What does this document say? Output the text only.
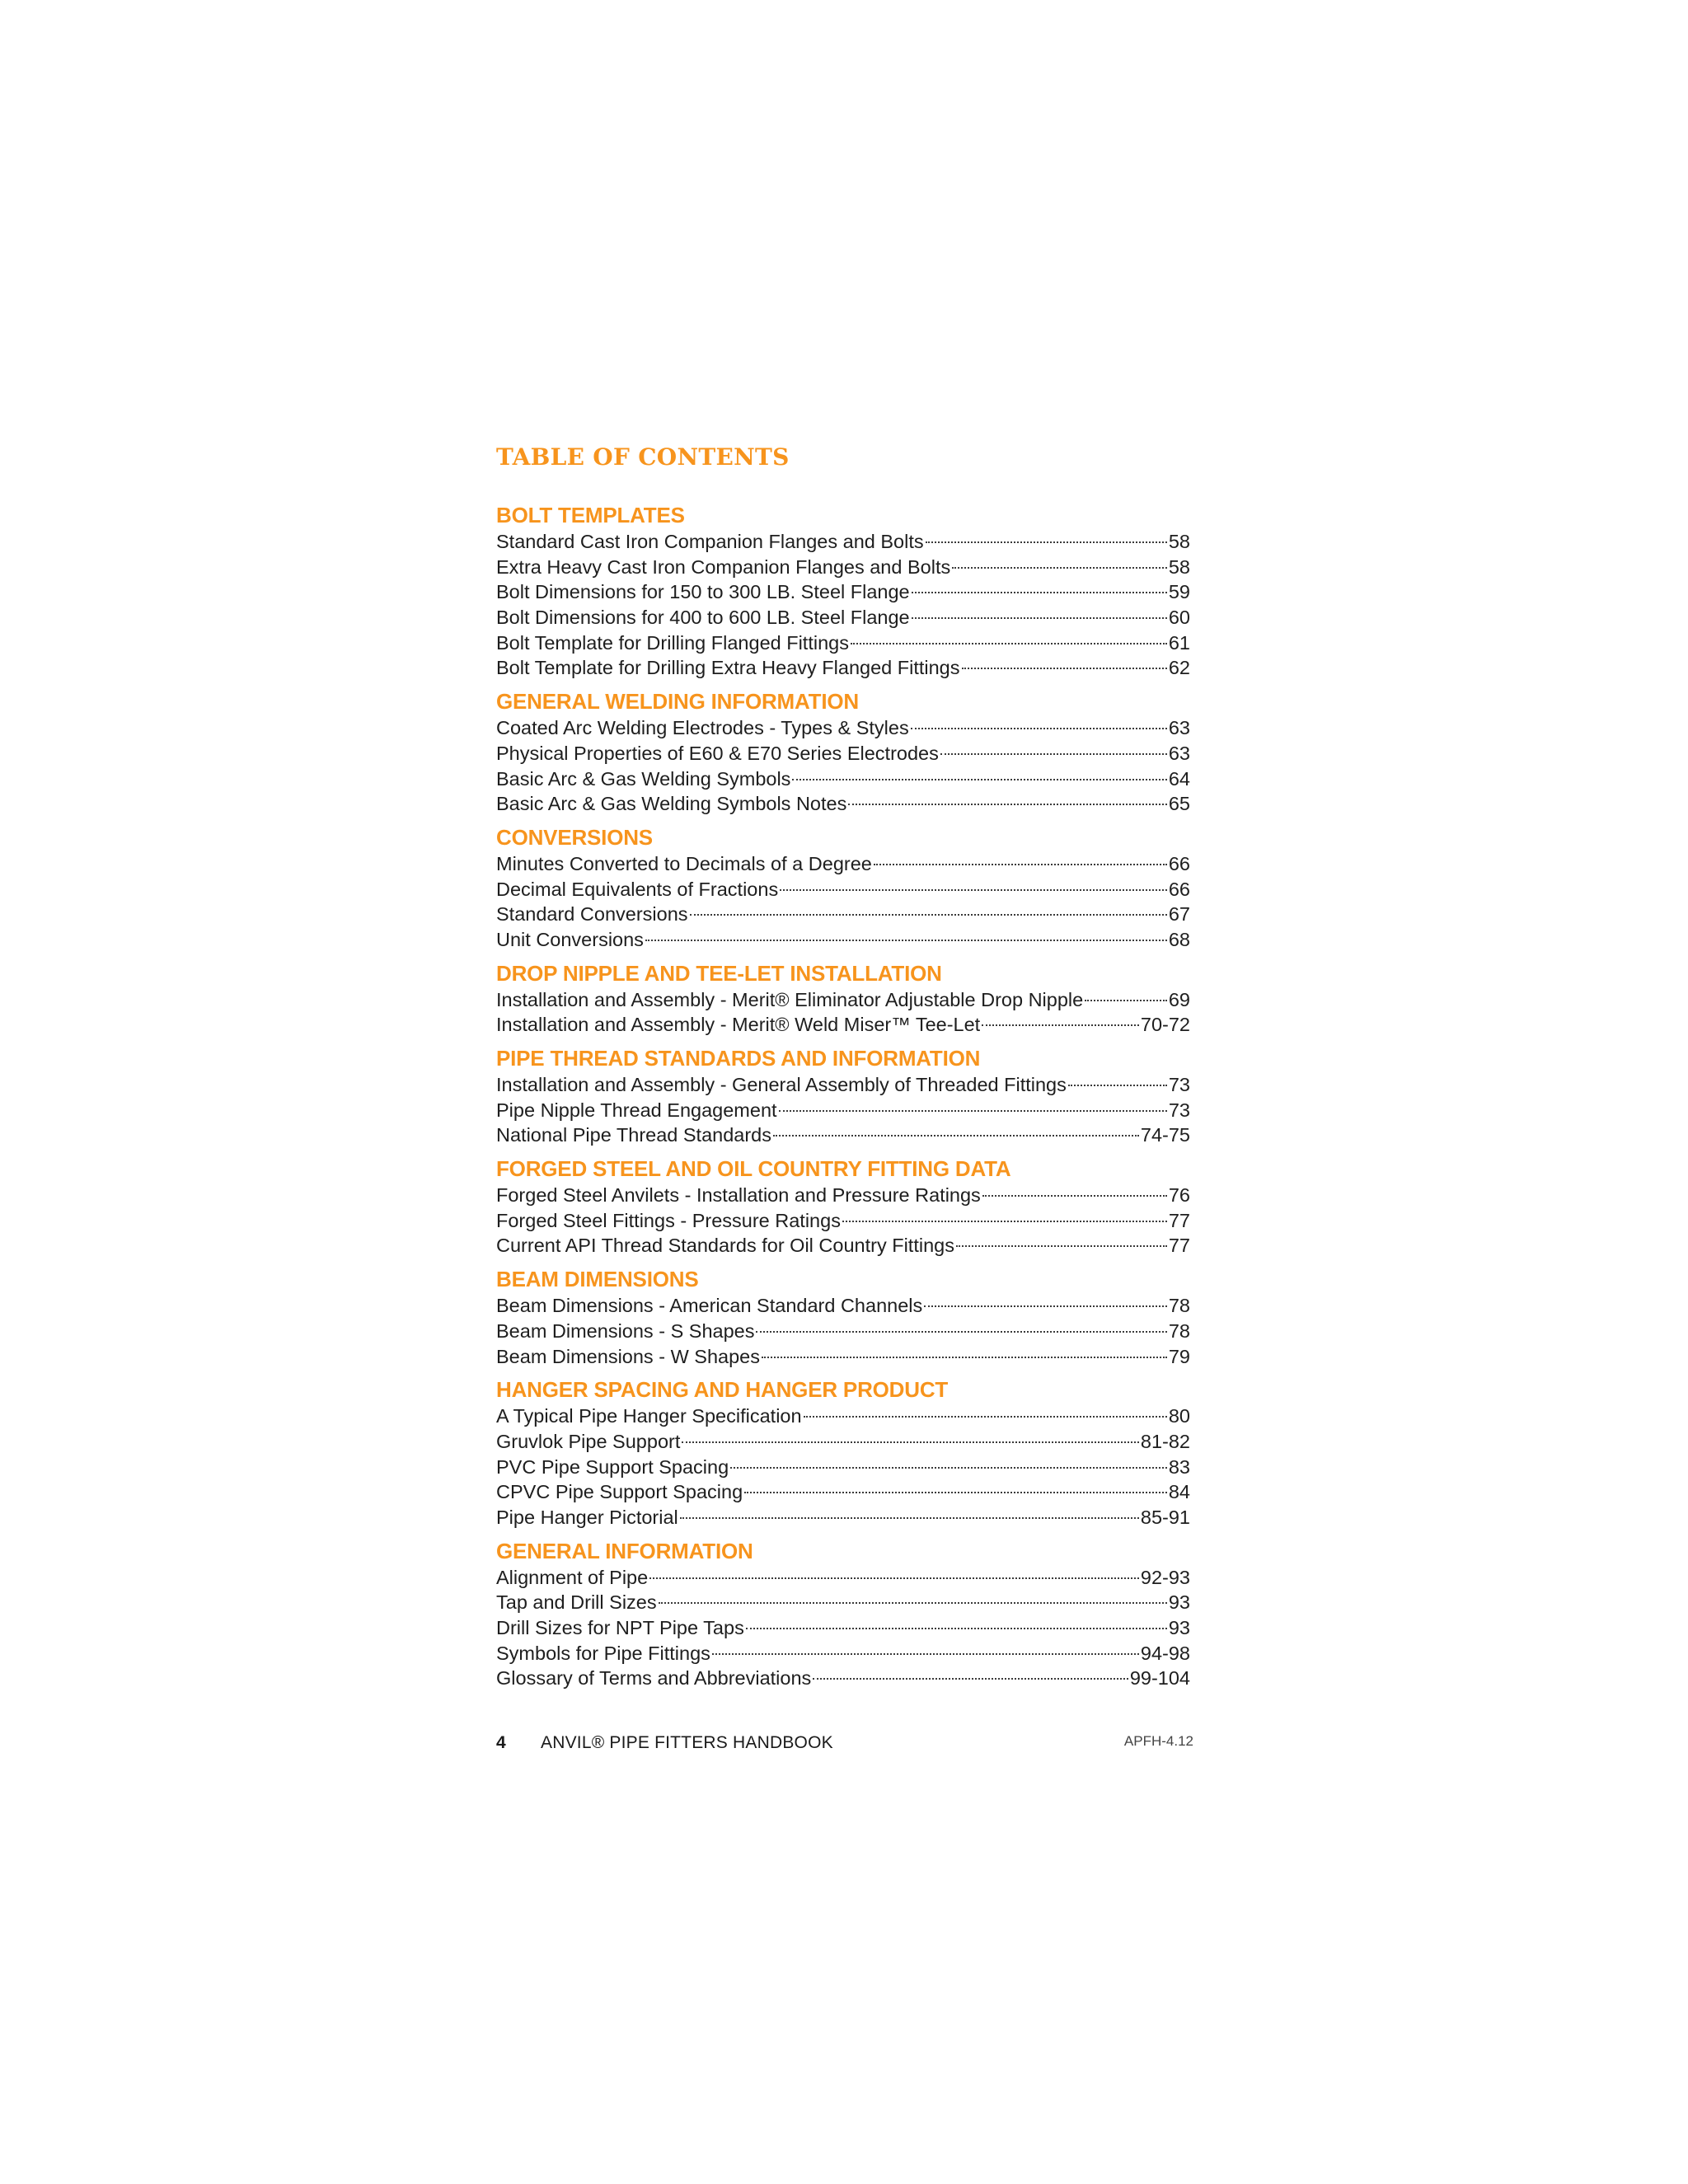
TABLE OF CONTENTS
BOLT TEMPLATES
Standard Cast Iron Companion Flanges and Bolts	58
Extra Heavy Cast Iron Companion Flanges and Bolts	58
Bolt Dimensions for 150 to 300 LB. Steel Flange	59
Bolt Dimensions for 400 to 600 LB. Steel Flange	60
Bolt Template for Drilling Flanged Fittings	61
Bolt Template for Drilling Extra Heavy Flanged Fittings	62
GENERAL WELDING INFORMATION
Coated Arc Welding Electrodes - Types & Styles	63
Physical Properties of E60 & E70 Series Electrodes	63
Basic Arc & Gas Welding Symbols	64
Basic Arc & Gas Welding Symbols Notes	65
CONVERSIONS
Minutes Converted to Decimals of a Degree	66
Decimal Equivalents of Fractions	66
Standard Conversions	67
Unit Conversions	68
DROP NIPPLE AND TEE-LET INSTALLATION
Installation and Assembly - Merit® Eliminator Adjustable Drop Nipple	69
Installation and Assembly - Merit® Weld Miser™ Tee-Let	70-72
PIPE THREAD STANDARDS AND INFORMATION
Installation and Assembly - General Assembly of Threaded Fittings	73
Pipe Nipple Thread Engagement	73
National Pipe Thread Standards	74-75
FORGED STEEL AND OIL COUNTRY FITTING DATA
Forged Steel Anvilets - Installation and Pressure Ratings	76
Forged Steel Fittings - Pressure Ratings	77
Current API Thread Standards for Oil Country Fittings	77
BEAM DIMENSIONS
Beam Dimensions - American Standard Channels	78
Beam Dimensions - S Shapes	78
Beam Dimensions - W Shapes	79
HANGER SPACING AND HANGER PRODUCT
A Typical Pipe Hanger Specification	80
Gruvlok Pipe Support	81-82
PVC Pipe Support Spacing	83
CPVC Pipe Support Spacing	84
Pipe Hanger Pictorial	85-91
GENERAL INFORMATION
Alignment of Pipe	92-93
Tap and Drill Sizes	93
Drill Sizes for NPT Pipe Taps	93
Symbols for Pipe Fittings	94-98
Glossary of Terms and Abbreviations	99-104
4 ANVIL® PIPE FITTERS HANDBOOK	APFH-4.12
